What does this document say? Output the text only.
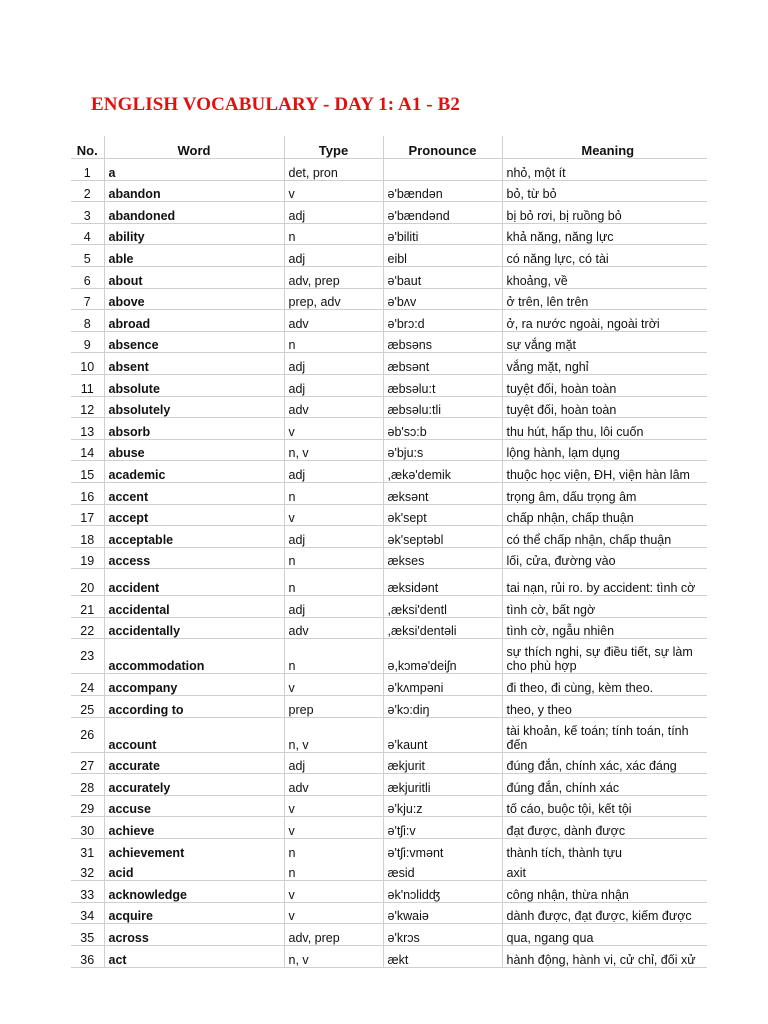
ENGLISH VOCABULARY - DAY 1: A1 - B2
No.	Word	Type	Pronounce	Meaning
1	a	det, pron		nhỏ, một ít
2	abandon	v	ə'bændən	bỏ, từ bỏ
3	abandoned	adj	ə'bændənd	bị bỏ rơi, bị ruồng bỏ
4	ability	n	ə'biliti	khả năng, năng lực
5	able	adj	eibl	có năng lực, có tài
6	about	adv, prep	ə'baut	khoảng, về
7	above	prep, adv	ə'bʌv	ở trên, lên trên
8	abroad	adv	ə'brɔ:d	ở, ra nước ngoài, ngoài trời
9	absence	n	æbsəns	sự vắng mặt
10	absent	adj	æbsənt	vắng mặt, nghỉ
11	absolute	adj	æbsəlu:t	tuyệt đối, hoàn toàn
12	absolutely	adv	æbsəlu:tli	tuyệt đối, hoàn toàn
13	absorb	v	əb'sɔ:b	thu hút, hấp thu, lôi cuốn
14	abuse	n, v	ə'bju:s	lộng hành, lạm dụng
15	academic	adj	,ækə'demik	thuộc học viện, ĐH, viện hàn lâm
16	accent	n	æksənt	trọng âm, dấu trọng âm
17	accept	v	ək'sept	chấp nhận, chấp thuận
18	acceptable	adj	ək'septəbl	có thể chấp nhận, chấp thuận
19	access	n	ækses	lối, cửa, đường vào
20	accident	n	æksidənt	tai nạn, rủi ro. by accident: tình cờ
21	accidental	adj	,æksi'dentl	tình cờ, bất ngờ
22	accidentally	adv	,æksi'dentəli	tình cờ, ngẫu nhiên
23	accommodation	n	ə,kɔmə'deiʃn	sự thích nghi, sự điều tiết, sự làm cho phù hợp
24	accompany	v	ə'kʌmpəni	đi theo, đi cùng, kèm theo.
25	according to	prep	ə'kɔ:diŋ	theo, y theo
26	account	n, v	ə'kaunt	tài khoản, kế toán; tính toán, tính đến
27	accurate	adj	ækjurit	đúng đắn, chính xác, xác đáng
28	accurately	adv	ækjuritli	đúng đắn, chính xác
29	accuse	v	ə'kju:z	tố cáo, buộc tội, kết tội
30	achieve	v	ə'tʃi:v	đạt được, dành được
31	achievement	n	ə'tʃi:vmənt	thành tích, thành tựu
32	acid	n	æsid	axit
33	acknowledge	v	ək'nɔlidʤ	công nhận, thừa nhận
34	acquire	v	ə'kwaiə	dành được, đạt được, kiếm được
35	across	adv, prep	ə'krɔs	qua, ngang qua
36	act	n, v	ækt	hành động, hành vi, cử chỉ, đối xử
